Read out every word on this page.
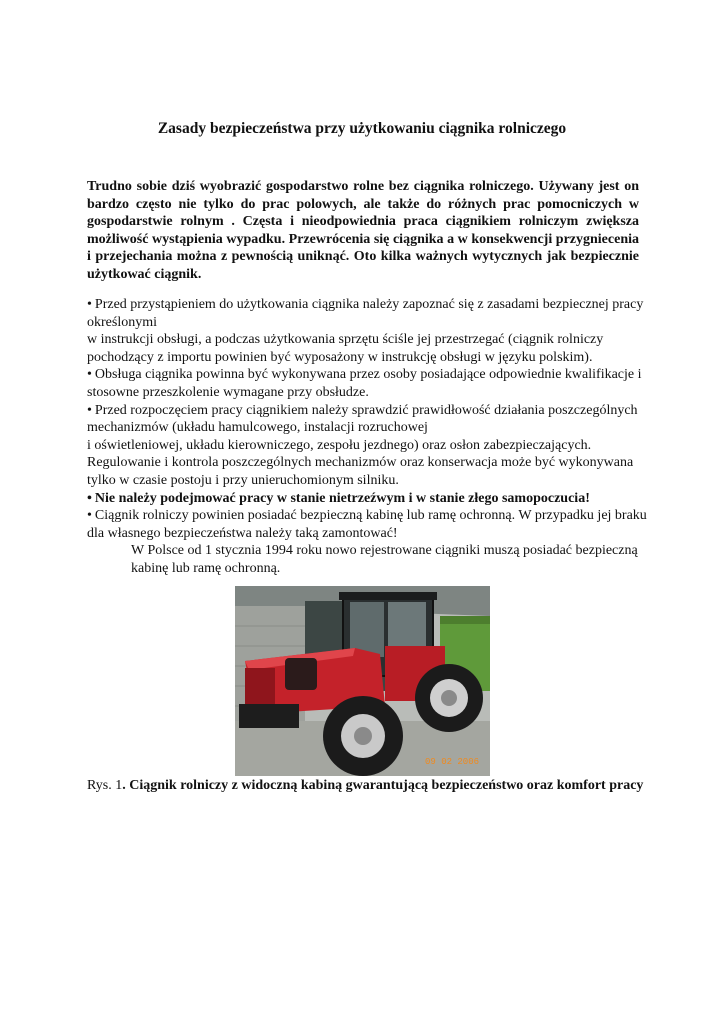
Zasady bezpieczeństwa przy użytkowaniu ciągnika rolniczego

Trudno sobie dziś wyobrazić gospodarstwo rolne bez ciągnika rolniczego. Używany jest on bardzo często nie tylko do prac polowych, ale także do różnych prac pomocniczych w gospodarstwie rolnym . Częsta i nieodpowiednia praca ciągnikiem rolniczym zwiększa możliwość wystąpienia wypadku. Przewrócenia się ciągnika a w konsekwencji przygniecenia i przejechania można z pewnością uniknąć. Oto kilka ważnych wytycznych jak bezpiecznie użytkować ciągnik.

• Przed przystąpieniem do użytkowania ciągnika należy zapoznać się z zasadami bezpiecznej pracy określonymi

w instrukcji obsługi, a podczas użytkowania sprzętu ściśle jej przestrzegać (ciągnik rolniczy pochodzący z importu powinien być wyposażony w instrukcję obsługi w języku polskim).

• Obsługa ciągnika powinna być wykonywana przez osoby posiadające odpowiednie kwalifikacje i stosowne przeszkolenie wymagane przy obsłudze.

• Przed rozpoczęciem pracy ciągnikiem należy sprawdzić prawidłowość działania poszczególnych mechanizmów (układu hamulcowego, instalacji rozruchowej

i oświetleniowej, układu kierowniczego, zespołu jezdnego) oraz osłon zabezpieczających. Regulowanie i kontrola poszczególnych mechanizmów oraz konserwacja może być wykonywana tylko w czasie postoju i przy unieruchomionym silniku.

• Nie należy podejmować pracy w stanie nietrzeźwym i w stanie złego samopoczucia!

• Ciągnik rolniczy powinien posiadać bezpieczną kabinę lub ramę ochronną. W przypadku jej braku dla własnego bezpieczeństwa należy taką zamontować!

W Polsce od 1 stycznia 1994 roku nowo rejestrowane ciągniki muszą posiadać bezpieczną kabinę lub ramę ochronną.

09 02 2006

Rys. 1. Ciągnik rolniczy z widoczną kabiną gwarantującą bezpieczeństwo oraz komfort pracy
